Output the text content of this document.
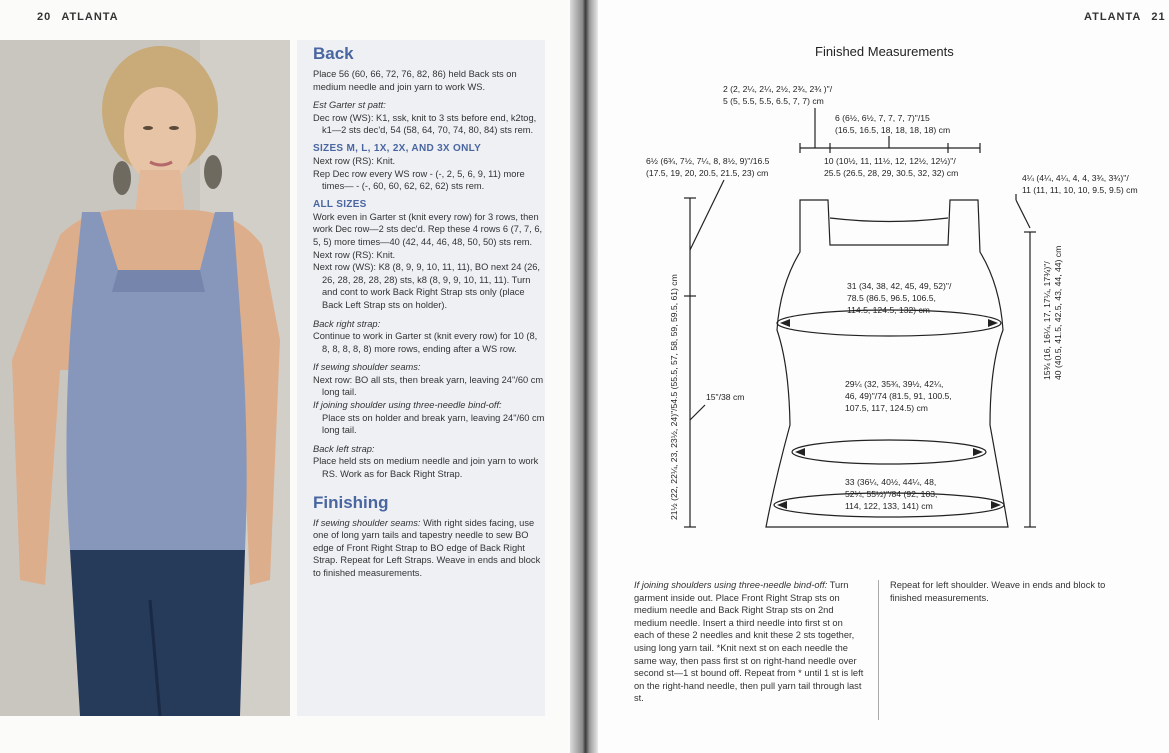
20 ATLANTA	ATLANTA 21
Back

Place 56 (60, 66, 72, 76, 82, 86) held Back sts on medium needle and join yarn to work WS.

Est Garter st patt:

Dec row (WS): K1, ssk, knit to 3 sts before end, k2tog, k1—2 sts dec'd, 54 (58, 64, 70, 74, 80, 84) sts rem.

SIZES M, L, 1X, 2X, AND 3X ONLY

Next row (RS): Knit.

Rep Dec row every WS row - (-, 2, 5, 6, 9, 11) more times— - (-, 60, 60, 62, 62, 62) sts rem.

ALL SIZES

Work even in Garter st (knit every row) for 3 rows, then work Dec row—2 sts dec'd. Rep these 4 rows 6 (7, 7, 6, 5, 5) more times—40 (42, 44, 46, 48, 50, 50) sts rem.

Next row (RS): Knit.

Next row (WS): K8 (8, 9, 9, 10, 11, 11), BO next 24 (26, 26, 28, 28, 28, 28) sts, k8 (8, 9, 9, 10, 11, 11). Turn and cont to work Back Right Strap sts only (place Back Left Strap sts on holder).

Back right strap:

Continue to work in Garter st (knit every row) for 10 (8, 8, 8, 8, 8, 8) more rows, ending after a WS row.

If sewing shoulder seams:

Next row: BO all sts, then break yarn, leaving 24"/60 cm long tail.

If joining shoulder using three-needle bind-off:

Place sts on holder and break yarn, leaving 24"/60 cm long tail.

Back left strap:

Place held sts on medium needle and join yarn to work RS. Work as for Back Right Strap.

Finishing

If sewing shoulder seams: With right sides facing, use one of long yarn tails and tapestry needle to sew BO edge of Front Right Strap to BO edge of Back Right Strap. Repeat for Left Straps. Weave in ends and block to finished measurements.

Finished Measurements
2 (2, 2¼, 2¼, 2½, 2¾, 2¾ )"/
5 (5, 5.5, 5.5, 6.5, 7, 7) cm
6 (6½, 6½, 7, 7, 7, 7)"/15
(16.5, 16.5, 18, 18, 18, 18) cm
10 (10½, 11, 11½, 12, 12½, 12½)"/
25.5 (26.5, 28, 29, 30.5, 32, 32) cm
6½ (6¾, 7½, 7¼, 8, 8½, 9)"/16.5
(17.5, 19, 20, 20.5, 21.5, 23) cm	4¼ (4¼, 4¼, 4, 4, 3¾, 3¾)"/
11 (11, 11, 10, 10, 9.5, 9.5) cm
31 (34, 38, 42, 45, 49, 52)"/
78.5 (86.5, 96.5, 106.5,
114.5, 124.5, 132) cm
29¼ (32, 35¾, 39½, 42¼,
46, 49)"/74 (81.5, 91, 100.5,
107.5, 117, 124.5) cm
33 (36¼, 40½, 44¼, 48,
52¼, 55½)"/84 (92, 103,
114, 122, 133, 141) cm
15"/38 cm
21½ (22, 22¼, 23, 23½, 24)"/54.5 (55.5, 57, 58, 59, 59.5, 61) cm	15¾ (16, 16¼, 17, 17¼, 17¾)"/
40 (40.5, 41.5, 42.5, 43, 44, 44) cm
If joining shoulders using three-needle bind-off: Turn garment inside out. Place Front Right Strap sts on medium needle and Back Right Strap sts on 2nd medium needle. Insert a third needle into first st on each of these 2 needles and knit these 2 sts together, using long yarn tail. *Knit next st on each needle the same way, then pass first st on right-hand needle over second st—1 st bound off. Repeat from * until 1 st is left on the right-hand needle, then pull yarn tail through last st.
Repeat for left shoulder. Weave in ends and block to finished measurements.
